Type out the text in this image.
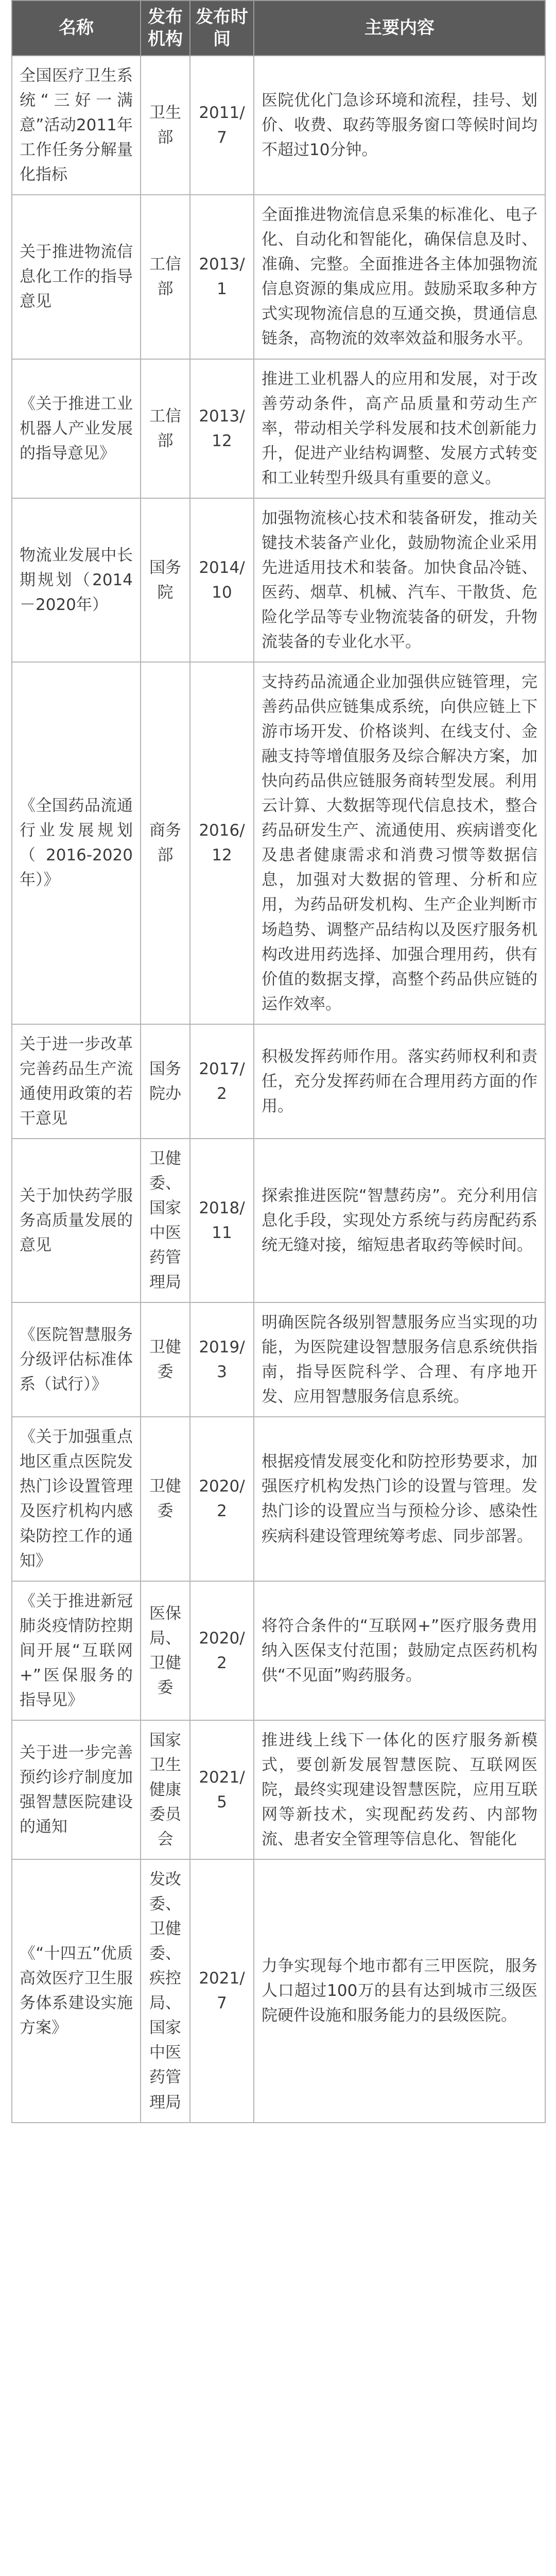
名称	发布机构	发布时间	主要内容
全国医疗卫生系统“三好一满意”活动2011年工作任务分解量化指标	卫生部	2011/7	医院优化门急诊环境和流程，挂号、划价、收费、取药等服务窗口等候时间均不超过10分钟。
关于推进物流信息化工作的指导意见	工信部	2013/1	全面推进物流信息采集的标准化、电子化、自动化和智能化，确保信息及时、准确、完整。全面推进各主体加强物流信息资源的集成应用。鼓励采取多种方式实现物流信息的互通交换，贯通信息链条，高物流的效率效益和服务水平。
《关于推进工业机器人产业发展的指导意见》	工信部	2013/12	推进工业机器人的应用和发展，对于改善劳动条件，高产品质量和劳动生产率，带动相关学科发展和技术创新能力升，促进产业结构调整、发展方式转变和工业转型升级具有重要的意义。
物流业发展中长期规划（2014－2020年）	国务院	2014/10	加强物流核心技术和装备研发，推动关键技术装备产业化，鼓励物流企业采用先进适用技术和装备。加快食品冷链、医药、烟草、机械、汽车、干散货、危险化学品等专业物流装备的研发，升物流装备的专业化水平。
《全国药品流通行业发展规划（2016-2020年）》	商务部	2016/12	支持药品流通企业加强供应链管理，完善药品供应链集成系统，向供应链上下游市场开发、价格谈判、在线支付、金融支持等增值服务及综合解决方案，加快向药品供应链服务商转型发展。利用云计算、大数据等现代信息技术，整合药品研发生产、流通使用、疾病谱变化及患者健康需求和消费习惯等数据信息，加强对大数据的管理、分析和应用，为药品研发机构、生产企业判断市场趋势、调整产品结构以及医疗服务机构改进用药选择、加强合理用药，供有价值的数据支撑，高整个药品供应链的运作效率。
关于进一步改革完善药品生产流通使用政策的若干意见	国务院办	2017/2	积极发挥药师作用。落实药师权利和责任，充分发挥药师在合理用药方面的作用。
关于加快药学服务高质量发展的意见	卫健委、国家中医药管理局	2018/11	探索推进医院“智慧药房”。充分利用信息化手段，实现处方系统与药房配药系统无缝对接，缩短患者取药等候时间。
《医院智慧服务分级评估标准体系（试行）》	卫健委	2019/3	明确医院各级别智慧服务应当实现的功能，为医院建设智慧服务信息系统供指南，指导医院科学、合理、有序地开发、应用智慧服务信息系统。
《关于加强重点地区重点医院发热门诊设置管理及医疗机构内感染防控工作的通知》	卫健委	2020/2	根据疫情发展变化和防控形势要求，加强医疗机构发热门诊的设置与管理。发热门诊的设置应当与预检分诊、感染性疾病科建设管理统筹考虑、同步部署。
《关于推进新冠肺炎疫情防控期间开展“互联网+”医保服务的指导见》	医保局、卫健委	2020/2	将符合条件的“互联网+”医疗服务费用纳入医保支付范围；鼓励定点医药机构供“不见面”购药服务。
关于进一步完善预约诊疗制度加强智慧医院建设的通知	国家卫生健康委员会	2021/5	推进线上线下一体化的医疗服务新模式，要创新发展智慧医院、互联网医院，最终实现建设智慧医院，应用互联网等新技术，实现配药发药、内部物流、患者安全管理等信息化、智能化
《“十四五”优质高效医疗卫生服务体系建设实施方案》	发改委、卫健委、疾控局、国家中医药管理局	2021/7	力争实现每个地市都有三甲医院，服务人口超过100万的县有达到城市三级医院硬件设施和服务能力的县级医院。
